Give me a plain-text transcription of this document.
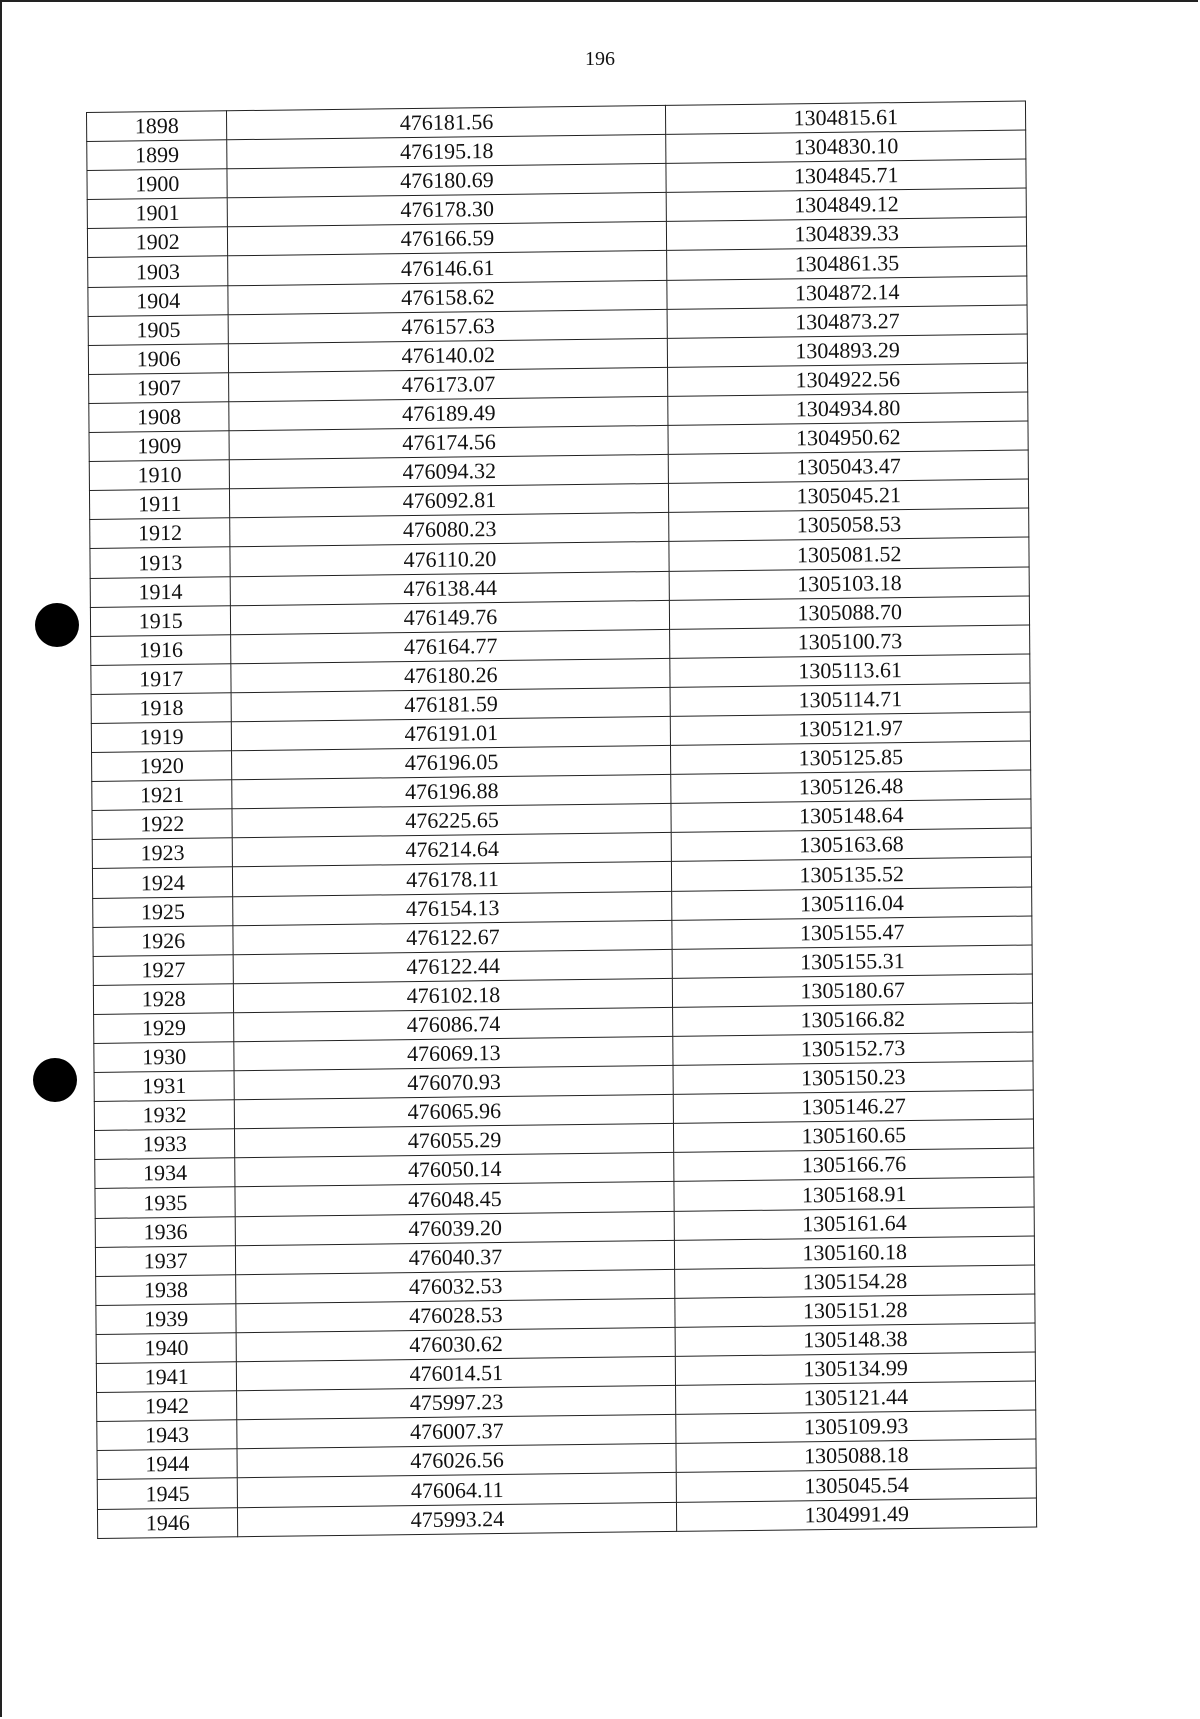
196
1898	476181.56	1304815.61
1899	476195.18	1304830.10
1900	476180.69	1304845.71
1901	476178.30	1304849.12
1902	476166.59	1304839.33
1903	476146.61	1304861.35
1904	476158.62	1304872.14
1905	476157.63	1304873.27
1906	476140.02	1304893.29
1907	476173.07	1304922.56
1908	476189.49	1304934.80
1909	476174.56	1304950.62
1910	476094.32	1305043.47
1911	476092.81	1305045.21
1912	476080.23	1305058.53
1913	476110.20	1305081.52
1914	476138.44	1305103.18
1915	476149.76	1305088.70
1916	476164.77	1305100.73
1917	476180.26	1305113.61
1918	476181.59	1305114.71
1919	476191.01	1305121.97
1920	476196.05	1305125.85
1921	476196.88	1305126.48
1922	476225.65	1305148.64
1923	476214.64	1305163.68
1924	476178.11	1305135.52
1925	476154.13	1305116.04
1926	476122.67	1305155.47
1927	476122.44	1305155.31
1928	476102.18	1305180.67
1929	476086.74	1305166.82
1930	476069.13	1305152.73
1931	476070.93	1305150.23
1932	476065.96	1305146.27
1933	476055.29	1305160.65
1934	476050.14	1305166.76
1935	476048.45	1305168.91
1936	476039.20	1305161.64
1937	476040.37	1305160.18
1938	476032.53	1305154.28
1939	476028.53	1305151.28
1940	476030.62	1305148.38
1941	476014.51	1305134.99
1942	475997.23	1305121.44
1943	476007.37	1305109.93
1944	476026.56	1305088.18
1945	476064.11	1305045.54
1946	475993.24	1304991.49
